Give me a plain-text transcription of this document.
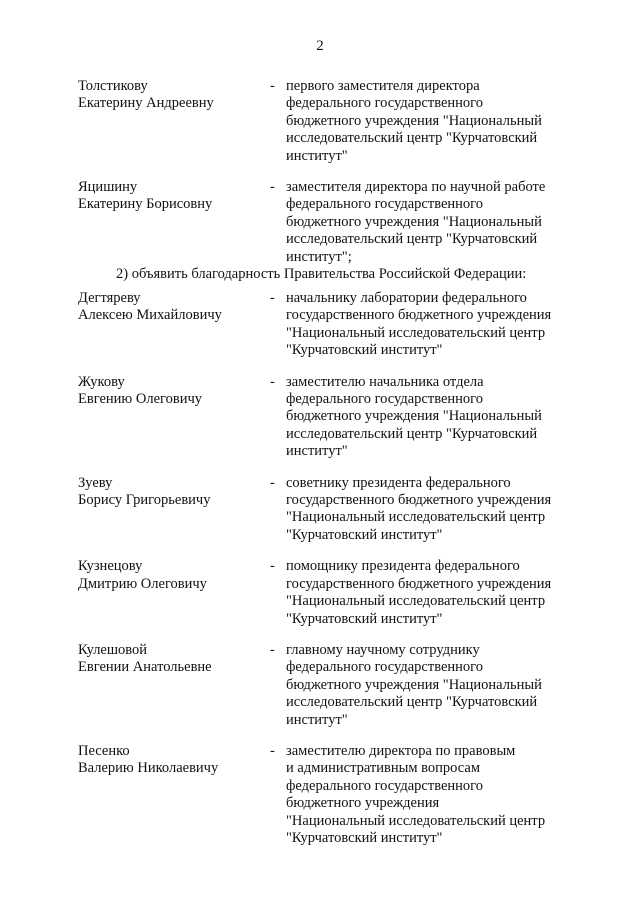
2
Толстикову
Екатерину Андреевну
- первого заместителя директора
федерального государственного
бюджетного учреждения "Национальный
исследовательский центр "Курчатовский
институт"
Яцишину
Екатерину Борисовну
- заместителя директора по научной работе
федерального государственного
бюджетного учреждения "Национальный
исследовательский центр "Курчатовский
институт";
2) объявить благодарность Правительства Российской Федерации:
Дегтяреву
Алексею Михайловичу
- начальнику лаборатории федерального
государственного бюджетного учреждения
"Национальный исследовательский центр
"Курчатовский институт"
Жукову
Евгению Олеговичу
- заместителю начальника отдела
федерального государственного
бюджетного учреждения "Национальный
исследовательский центр "Курчатовский
институт"
Зуеву
Борису Григорьевичу
- советнику президента федерального
государственного бюджетного учреждения
"Национальный исследовательский центр
"Курчатовский институт"
Кузнецову
Дмитрию Олеговичу
- помощнику президента федерального
государственного бюджетного учреждения
"Национальный исследовательский центр
"Курчатовский институт"
Кулешовой
Евгении Анатольевне
- главному научному сотруднику
федерального государственного
бюджетного учреждения "Национальный
исследовательский центр "Курчатовский
институт"
Песенко
Валерию Николаевичу
- заместителю директора по правовым
и административным вопросам
федерального государственного
бюджетного учреждения
"Национальный исследовательский центр
"Курчатовский институт"
